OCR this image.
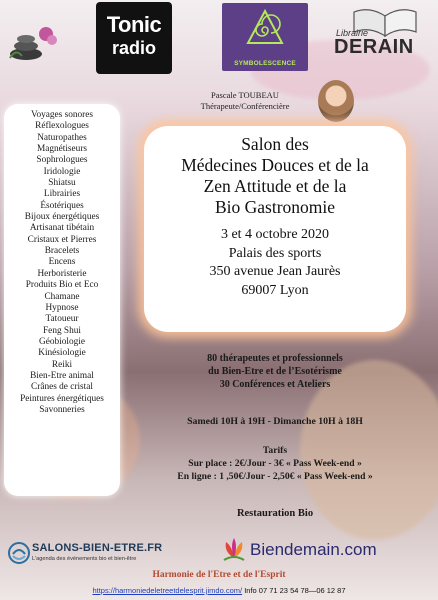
Tonic
radio
SYMBOLESCENCE
Librairie
DERAIN
Pascale TOUBEAU
Thérapeute/Conférencière
Voyages sonores
Réflexologues
Naturopathes
Magnétiseurs
Sophrologues
Iridologie
Shiatsu
Librairies
Ésotériques
Bijoux énergétiques
Artisanat tibétain
Cristaux et Pierres
Bracelets
Encens
Herboristerie
Produits Bio et Eco
Chamane
Hypnose
Tatoueur
Feng Shui
Géobiologie
Kinésiologie
Reiki
Bien-Etre animal
Crânes de cristal
Peintures énergétiques
Savonneries
Salon des
Médecines Douces et de la
Zen Attitude et de la
Bio Gastronomie
3 et 4 octobre 2020
Palais des sports
350 avenue Jean Jaurès
69007 Lyon
80 thérapeutes et professionnels
du Bien-Etre et de l’Esotérisme
30 Conférences et Ateliers
Samedi 10H à 19H - Dimanche 10H à 18H
Tarifs
Sur place : 2€/Jour - 3€ « Pass Week-end »
En ligne : 1 ,50€/Jour - 2,50€ « Pass Week-end »
Restauration Bio
SALONS-BIEN-ETRE.FR
L'agenda des événements bio et bien-être	Biendemain.com
Harmonie de l'Etre et de l'Esprit
https://harmoniedeletreetdelesprit.jimdo.com/ Info 07 71 23 54 78—06 12 87
